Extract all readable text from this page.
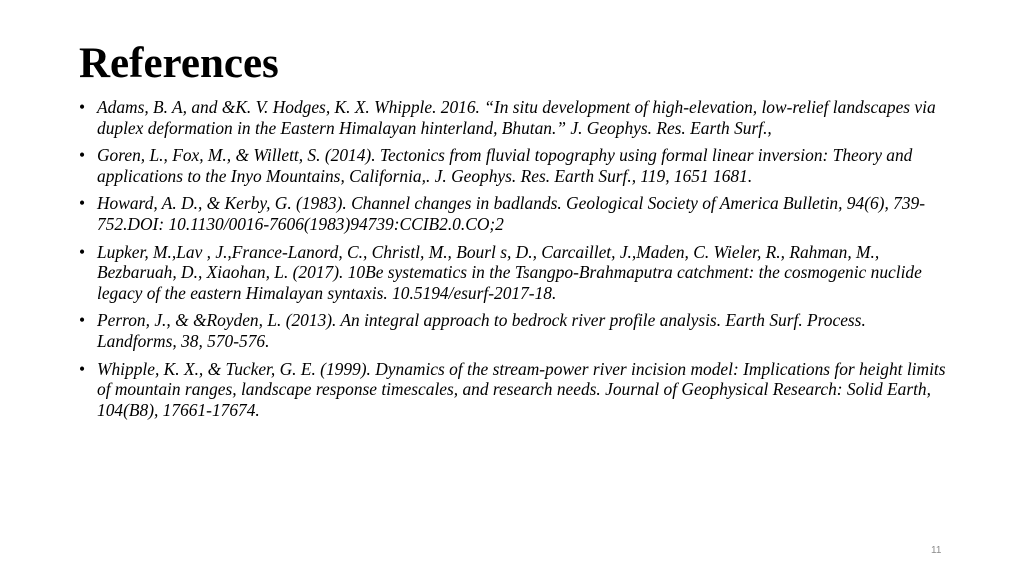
References
• Adams, B. A, and &K. V. Hodges, K. X. Whipple. 2016. “In situ development of high-elevation, low-relief landscapes via duplex deformation in the Eastern Himalayan hinterland, Bhutan.” J. Geophys. Res. Earth Surf.,
• Goren, L., Fox, M., & Willett, S. (2014). Tectonics from fluvial topography using formal linear inversion: Theory and applications to the Inyo Mountains, California,. J. Geophys. Res. Earth Surf., 119, 1651 1681.
• Howard, A. D., & Kerby, G. (1983). Channel changes in badlands. Geological Society of America Bulletin, 94(6), 739-752.DOI: 10.1130/0016-7606(1983)94739:CCIB2.0.CO;2
• Lupker, M.,Lav , J.,France-Lanord, C., Christl, M., Bourl s, D., Carcaillet, J.,Maden, C. Wieler, R., Rahman, M., Bezbaruah, D., Xiaohan, L. (2017). 10Be systematics in the Tsangpo-Brahmaputra catchment: the cosmogenic nuclide legacy of the eastern Himalayan syntaxis. 10.5194/esurf-2017-18.
• Perron, J., & &Royden, L. (2013). An integral approach to bedrock river profile analysis. Earth Surf. Process. Landforms, 38, 570-576.
• Whipple, K. X., & Tucker, G. E. (1999). Dynamics of the stream-power river incision model: Implications for height limits of mountain ranges, landscape response timescales, and research needs. Journal of Geophysical Research: Solid Earth, 104(B8), 17661-17674.
11
